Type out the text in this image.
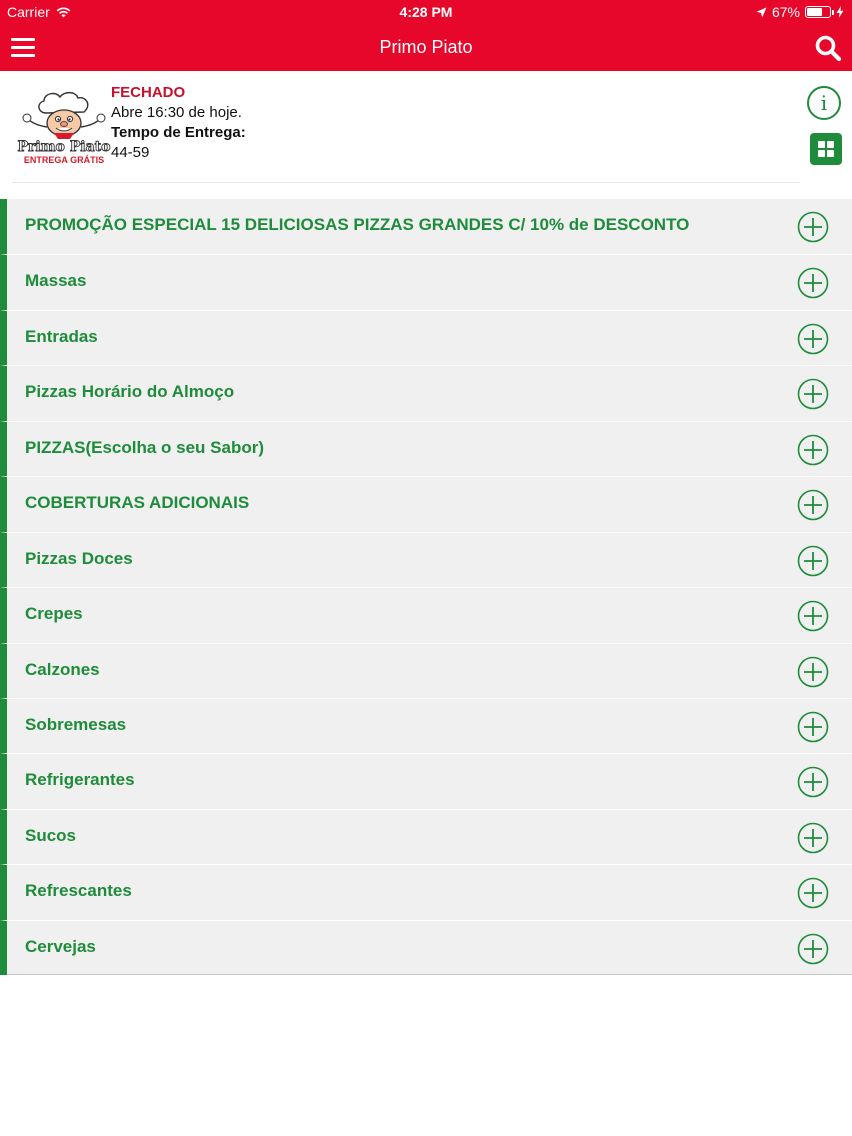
Carrier	4:28 PM	67%
Primo Piato
Primo Piato
ENTREGA GRÁTIS
FECHADO
Abre 16:30 de hoje.
Tempo de Entrega:
44-59
i
PROMOÇÃO ESPECIAL 15 DELICIOSAS PIZZAS GRANDES C/ 10% de DESCONTO
Massas
Entradas
Pizzas Horário do Almoço
PIZZAS(Escolha o seu Sabor)
COBERTURAS ADICIONAIS
Pizzas Doces
Crepes
Calzones
Sobremesas
Refrigerantes
Sucos
Refrescantes
Cervejas
